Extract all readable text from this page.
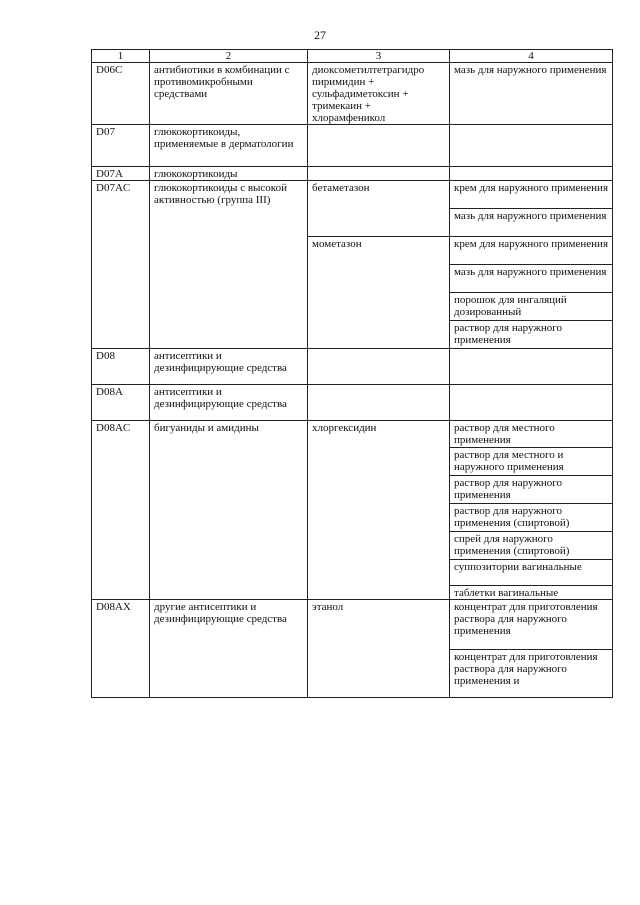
27
1	2	3	4
D06C	антибиотики в комбинации с противомикробными средствами	диоксометилтетрагидро пиримидин + сульфадиметоксин + тримекаин + хлорамфеникол	мазь для наружного применения
D07	глюкокортикоиды, применяемые в дерматологии		
D07A	глюкокортикоиды		
D07AC	глюкокортикоиды с высокой активностью (группа III)	бетаметазон	крем для наружного применения
			мазь для наружного применения
		мометазон	крем для наружного применения
			мазь для наружного применения
			порошок для ингаляций дозированный
			раствор для наружного применения
D08	антисептики и дезинфицирующие средства		
D08A	антисептики и дезинфицирующие средства		
D08AC	бигуаниды и амидины	хлоргексидин	раствор для местного применения
			раствор для местного и наружного применения
			раствор для наружного применения
			раствор для наружного применения (спиртовой)
			спрей для наружного применения (спиртовой)
			суппозитории вагинальные
			таблетки вагинальные
D08AX	другие антисептики и дезинфицирующие средства	этанол	концентрат для приготовления раствора для наружного применения
			концентрат для приготовления раствора для наружного применения и
